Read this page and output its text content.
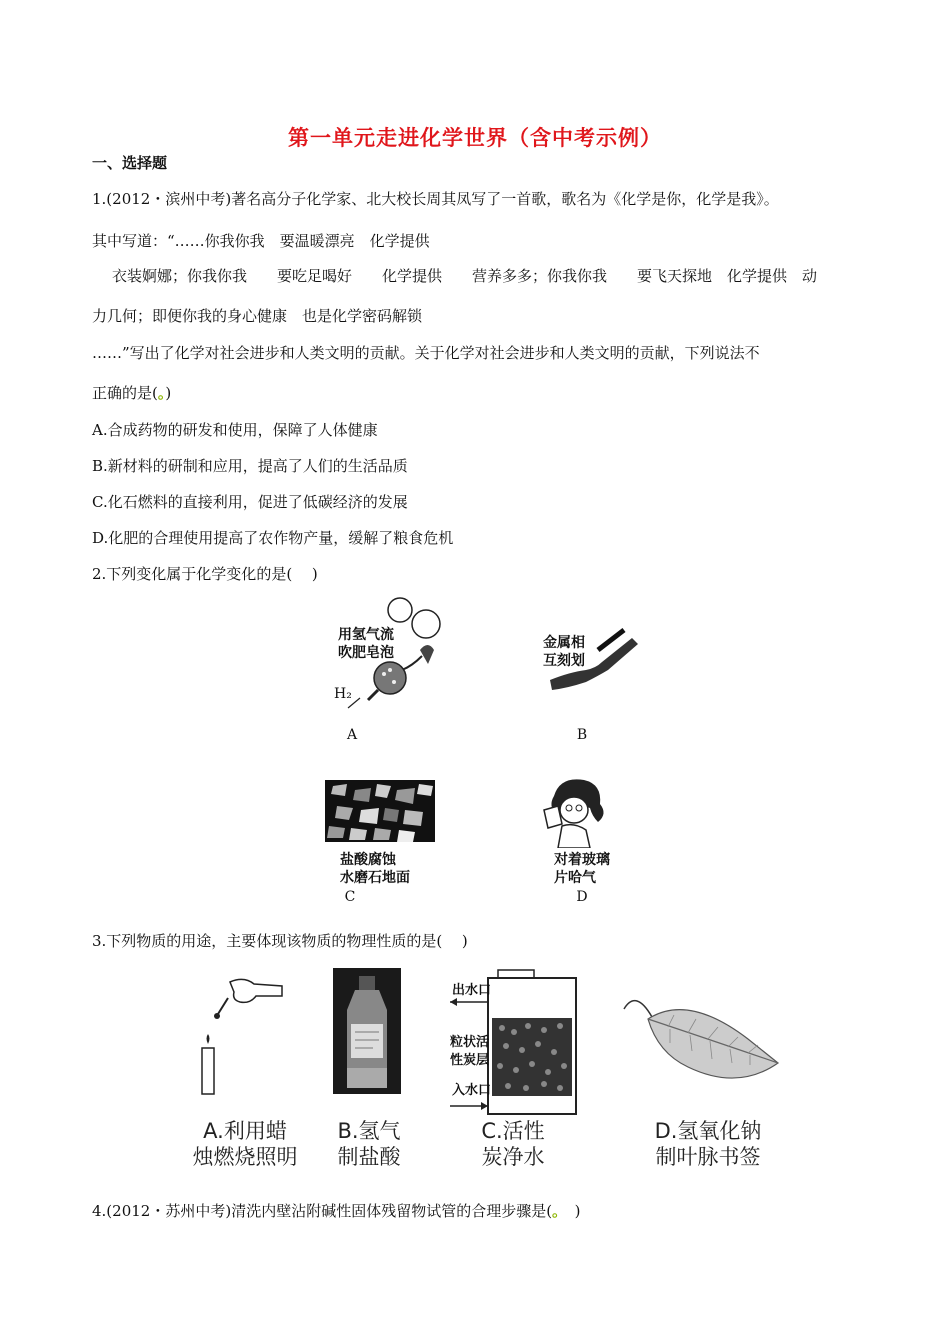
第一单元走进化学世界（含中考示例）
一、选择题
1.(2012・滨州中考)著名高分子化学家、北大校长周其凤写了一首歌，歌名为《化学是你，化学是我》。
其中写道：“……你我你我　要温暖漂亮　化学提供
衣装婀娜；你我你我　　要吃足喝好　　化学提供　　营养多多；你我你我　　要飞天探地　化学提供　动
力几何；即便你我的身心健康　也是化学密码解锁
……”写出了化学对社会进步和人类文明的贡献。关于化学对社会进步和人类文明的贡献，下列说法不
正确的是(。)
A.合成药物的研发和使用，保障了人体健康
B.新材料的研制和应用，提高了人们的生活品质
C.化石燃料的直接利用，促进了低碳经济的发展
D.化肥的合理使用提高了农作物产量，缓解了粮食危机
2.下列变化属于化学变化的是(　 )
用氢气流
吹肥皂泡
H₂
A
金属相
互刻划
B
盐酸腐蚀
水磨石地面
C
对着玻璃
片哈气
D
3.下列物质的用途，主要体现该物质的物理性质的是(　 )
出水口
粒状活
性炭层
入水口
A.利用蜡
烛燃烧照明
B.氢气
制盐酸
C.活性
炭净水
D.氢氧化钠
制叶脉书签
4.(2012・苏州中考)清洗内壁沾附碱性固体残留物试管的合理步骤是(。　)
